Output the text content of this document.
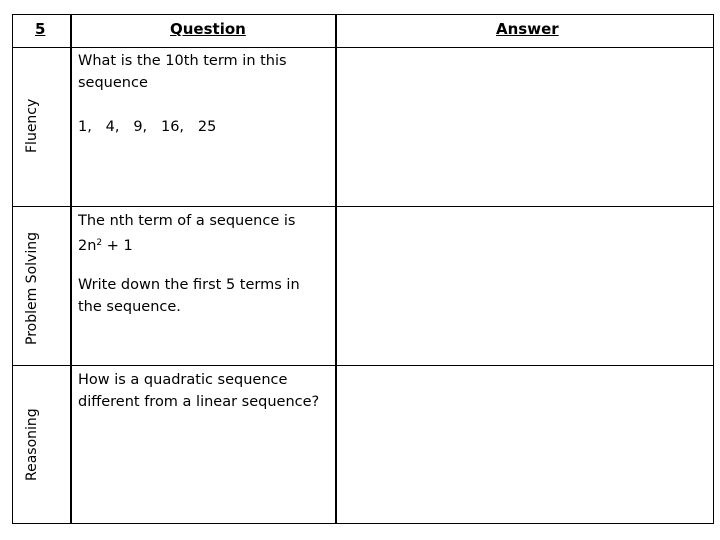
5	Question	Answer
Fluency
Problem Solving
Reasoning
What is the 10th term in this
sequence
1,   4,   9,   16,   25
The nth term of a sequence is
$2n^2 + 1$
Write down the first 5 terms in
the sequence.
How is a quadratic sequence
different from a linear sequence?
